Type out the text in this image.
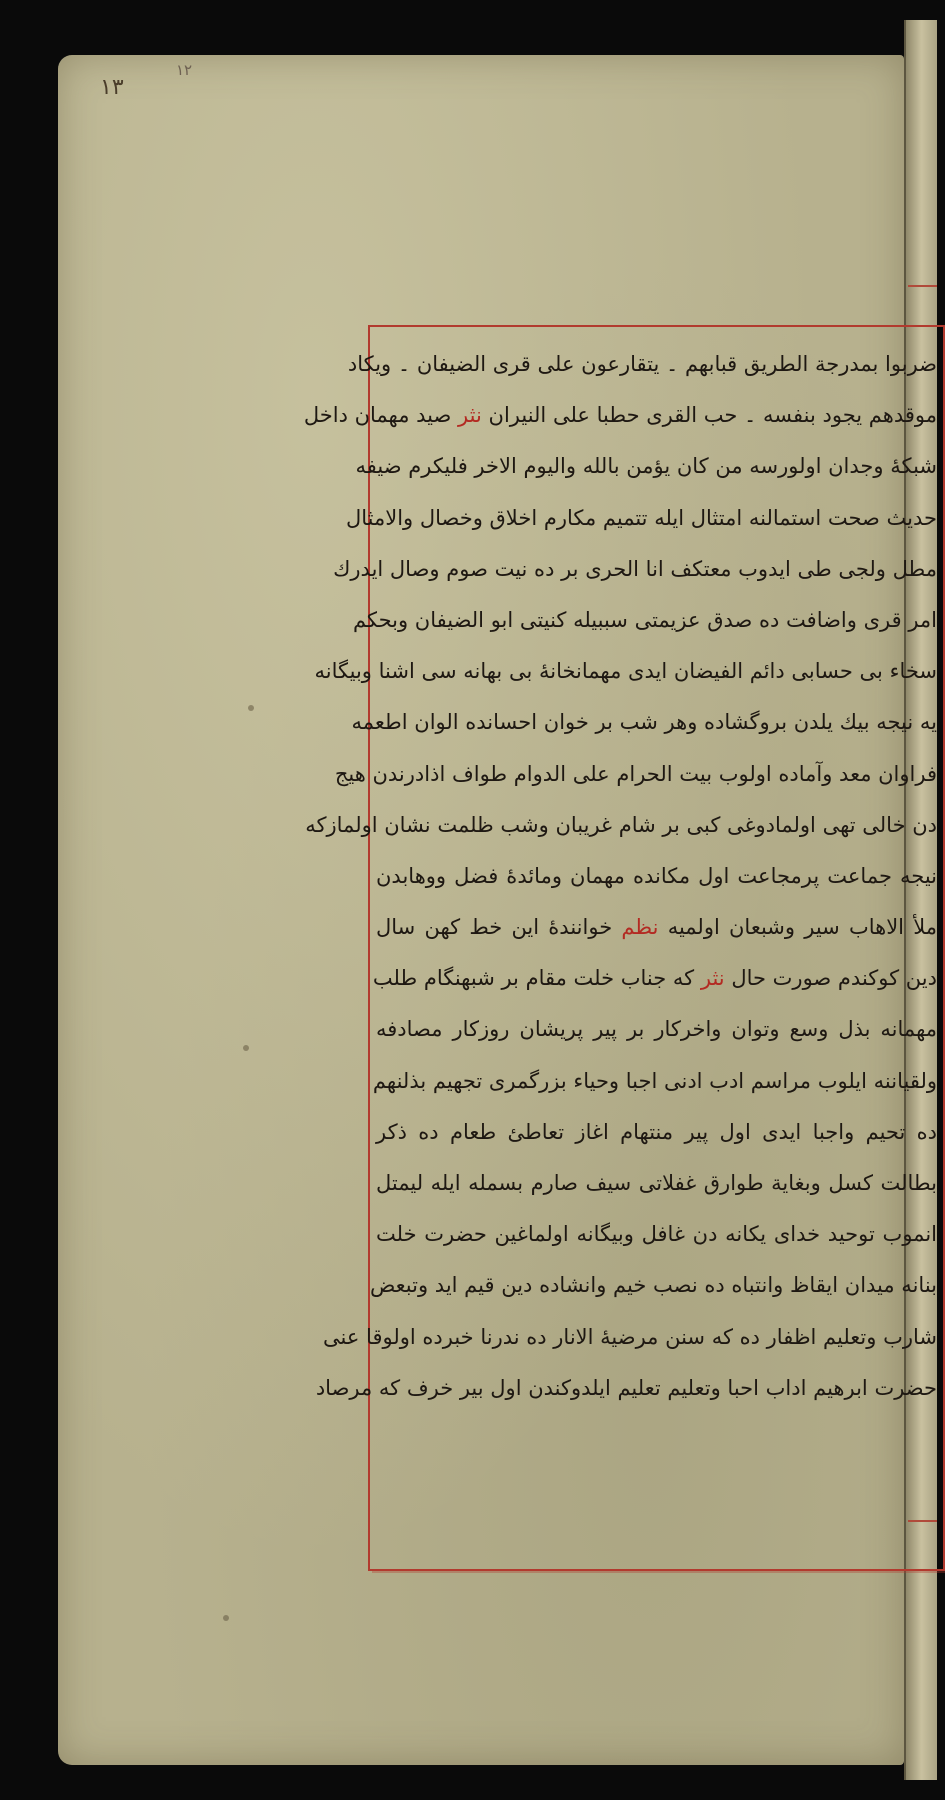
١٣
١٢
ضربوا بمدرجة الطريق قبابهم ۔ يتقارعون على قرى الضيفان ۔ ويكاد
موقدهم يجود بنفسه ۔ حب القرى حطبا على النيران نثر صيد مهمان داخل
شبكهٔ وجدان اولورسه من كان يؤمن بالله واليوم الاخر فليكرم ضيفه
حديث صحت استمالنه امتثال ايله تتميم مكارم اخلاق وخصال والامثال
مطل ولجى طى ايدوب معتكف انا الحرى بر ده نيت صوم وصال ايدرك
امر قرى واضافت ده صدق عزيمتى سببيله كنيتى ابو الضيفان وبحكم
سخاء بى حسابى دائم الفيضان ايدى مهمانخانهٔ بى بهانه سى اشنا وبيگانه
يه نيجه بيك يلدن بروگشاده وهر شب بر خوان احسانده الوان اطعمه
فراوان معد وآماده اولوب بيت الحرام على الدوام طواف اذادرندن هيج
دن خالى تهى اولمادوغى كبى بر شام غريبان وشب ظلمت نشان اولمازكه
نيجه جماعت پرمجاعت اول مكانده مهمان ومائدهٔ فضل ووهابدن
ملأ الاهاب سير وشبعان اولميه نظم خوانندهٔ اين خط كهن سال
دين كوكندم صورت حال نثر كه جناب خلت مقام بر شبهنگام طلب
مهمانه بذل وسع وتوان واخركار بر پير پريشان روزكار مصادفه
ولقياننه ايلوب مراسم ادب ادنى اجبا وحياء بزرگمرى تجهيم بذلنهم
ده تحيم واجبا ايدى اول پير منتهام اغاز تعاطئ طعام ده ذكر
بطالت كسل وبغاية طوارق غفلاتى سيف صارم بسمله ايله ليمتل
انموب توحيد خداى يكانه دن غافل وبيگانه اولماغين حضرت خلت
بنانه ميدان ايقاظ وانتباه ده نصب خيم وانشاده دين قيم ايد وتبعض
شارب وتعليم اظفار ده كه سنن مرضيهٔ الانار ده ندرنا خبرده اولوقا عنى
حضرت ابرهيم اداب احبا وتعليم تعليم ايلدوكندن اول بير خرف كه مرصاد
